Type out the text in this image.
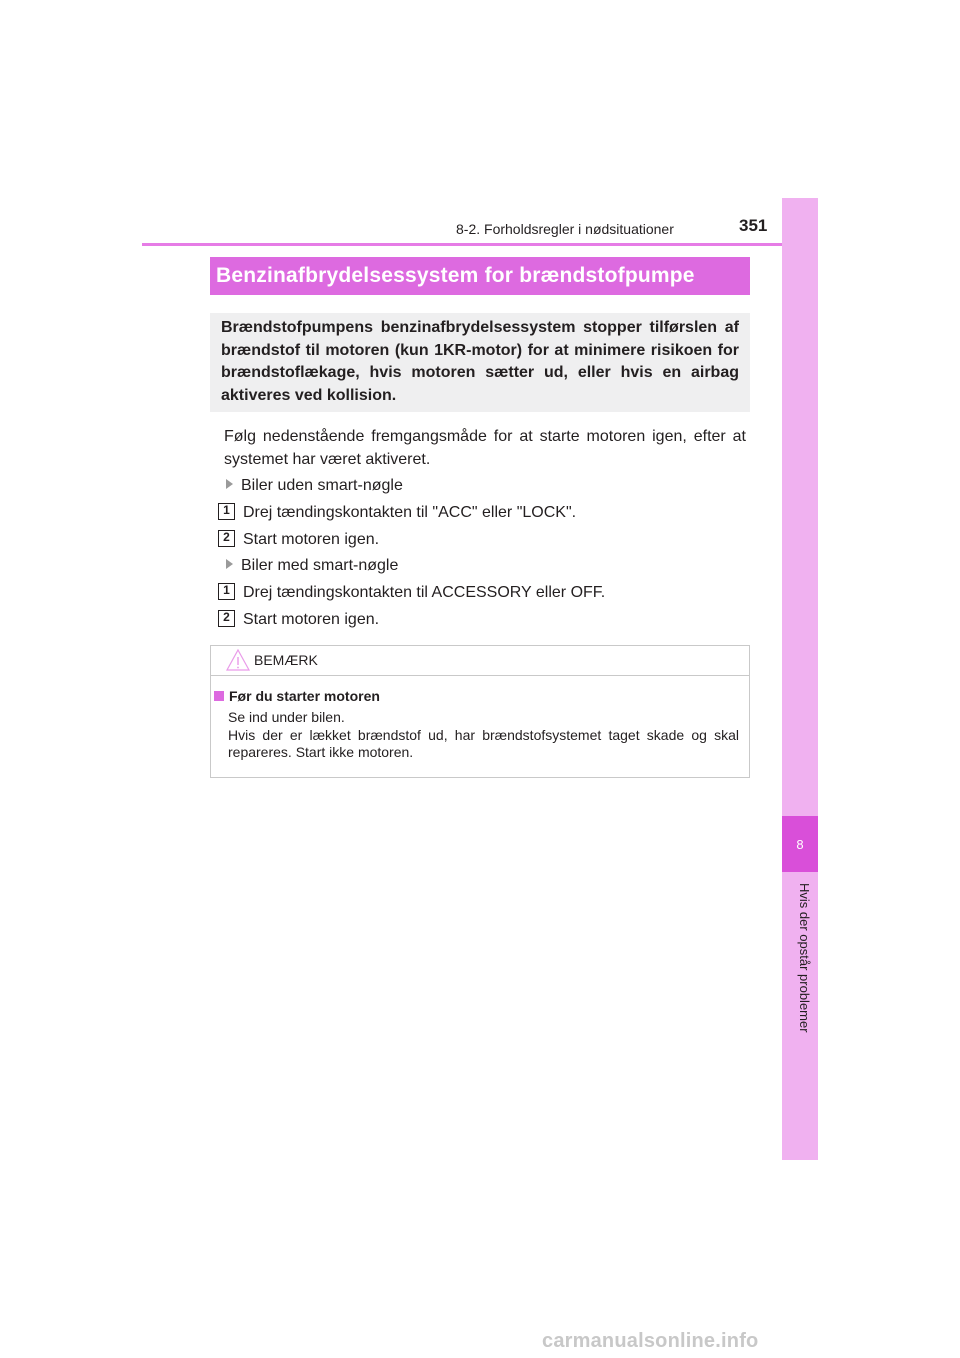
8-2. Forholdsregler i nødsituationer	351
8
Hvis der opstår problemer
Benzinafbrydelsessystem for brændstofpumpe

Brændstofpumpens benzinafbrydelsessystem stopper tilførslen af brændstof til motoren (kun 1KR-motor) for at minimere risikoen for brændstoflækage, hvis motoren sætter ud, eller hvis en airbag aktiveres ved kollision.

Følg nedenstående fremgangsmåde for at starte motoren igen, efter at systemet har været aktiveret.
Biler uden smart-nøgle
1 Drej tændingskontakten til "ACC" eller "LOCK".
2 Start motoren igen.
Biler med smart-nøgle
1 Drej tændingskontakten til ACCESSORY eller OFF.
2 Start motoren igen.
BEMÆRK
Før du starter motoren

Se ind under bilen.

Hvis der er lækket brændstof ud, har brændstofsystemet taget skade og skal repareres. Start ikke motoren.

carmanualsonline.info
